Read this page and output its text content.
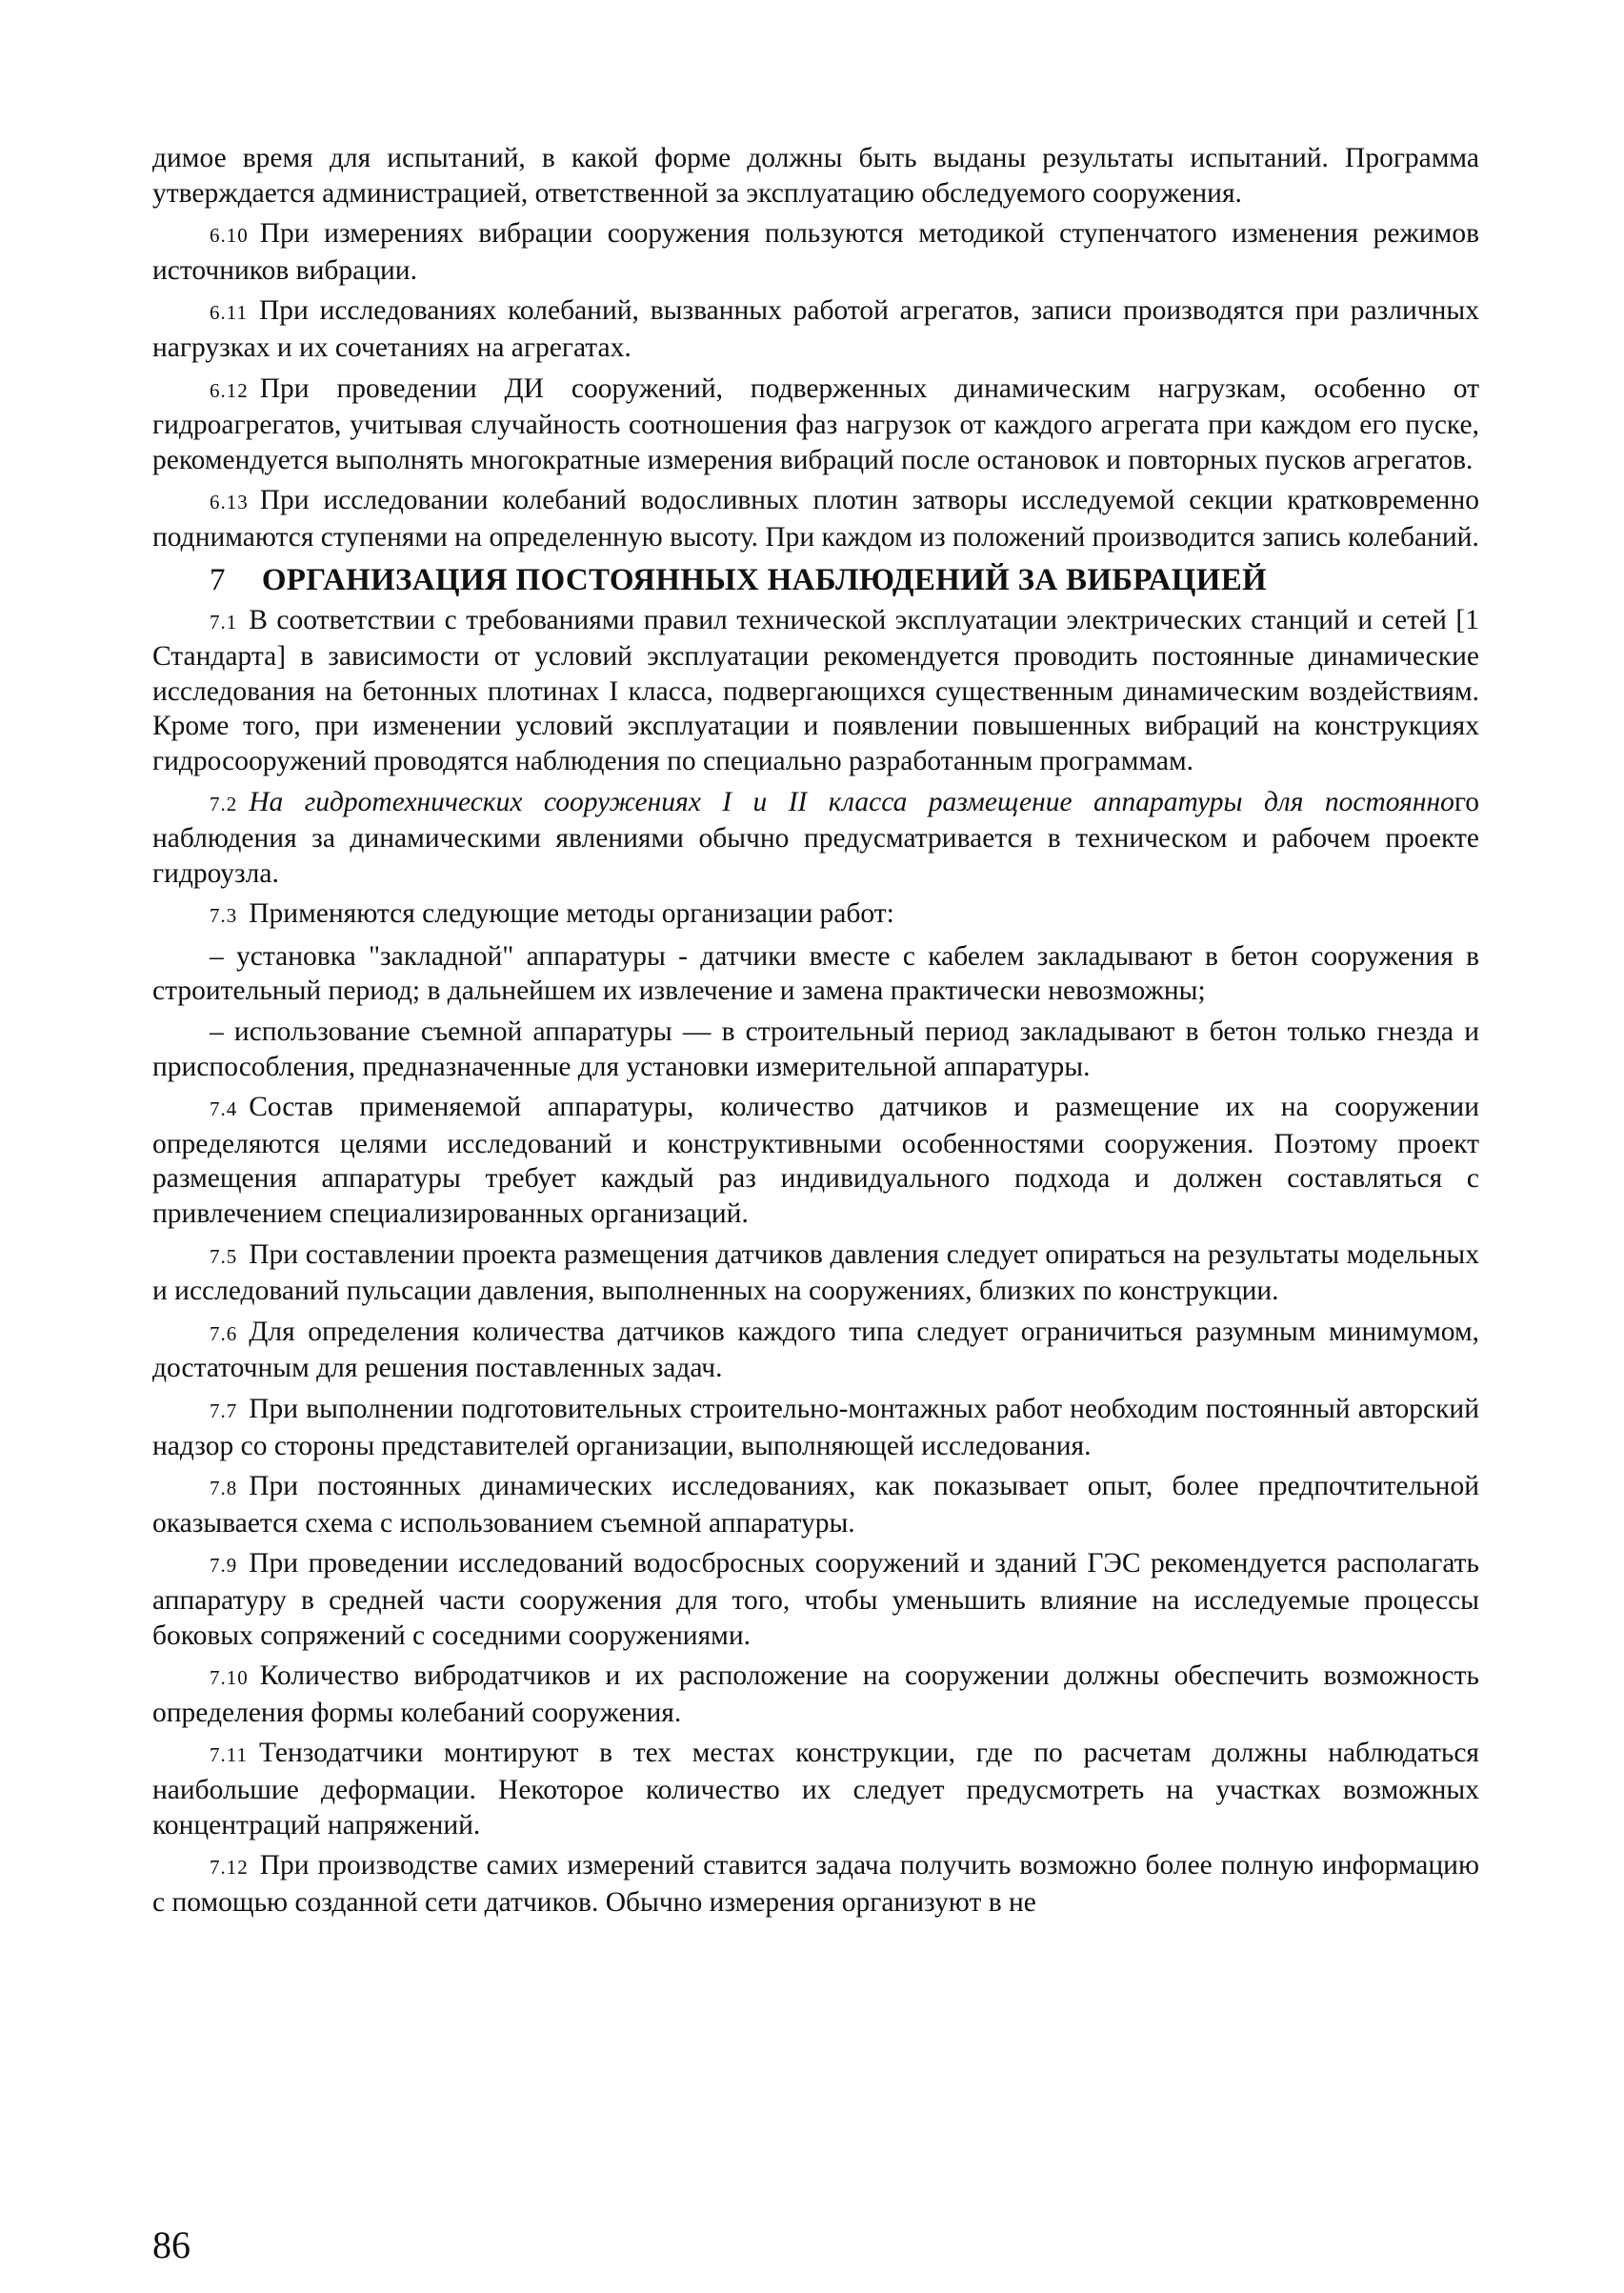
димое время для испытаний, в какой форме должны быть выданы результаты испытаний. Программа утверждается администрацией, ответственной за эксплуатацию обследуемого сооружения.

6.10 При измерениях вибрации сооружения пользуются методикой ступенчатого изменения режимов источников вибрации.

6.11 При исследованиях колебаний, вызванных работой агрегатов, записи производятся при различных нагрузках и их сочетаниях на агрегатах.

6.12 При проведении ДИ сооружений, подверженных динамическим нагрузкам, особенно от гидроагрегатов, учитывая случайность соотношения фаз нагрузок от каждого агрегата при каждом его пуске, рекомендуется выполнять многократные измерения вибраций после остановок и повторных пусков агрегатов.

6.13 При исследовании колебаний водосливных плотин затворы исследуемой секции кратковременно поднимаются ступенями на определенную высоту. При каждом из положений производится запись колебаний.

7 ОРГАНИЗАЦИЯ ПОСТОЯННЫХ НАБЛЮДЕНИЙ ЗА ВИБРАЦИЕЙ

7.1 В соответствии с требованиями правил технической эксплуатации электрических станций и сетей [1 Стандарта] в зависимости от условий эксплуатации рекомендуется проводить постоянные динамические исследования на бетонных плотинах I класса, подвергающихся существенным динамическим воздействиям. Кроме того, при изменении условий эксплуатации и появлении повышенных вибраций на конструкциях гидросооружений проводятся наблюдения по специально разработанным программам.

7.2 На гидротехнических сооружениях I и II класса размещение аппаратуры для постоянного наблюдения за динамическими явлениями обычно предусматривается в техническом и рабочем проекте гидроузла.

7.3 Применяются следующие методы организации работ:

– установка "закладной" аппаратуры - датчики вместе с кабелем закладывают в бетон сооружения в строительный период; в дальнейшем их извлечение и замена практически невозможны;

– использование съемной аппаратуры — в строительный период закладывают в бетон только гнезда и приспособления, предназначенные для установки измерительной аппаратуры.

7.4 Состав применяемой аппаратуры, количество датчиков и размещение их на сооружении определяются целями исследований и конструктивными особенностями сооружения. Поэтому проект размещения аппаратуры требует каждый раз индивидуального подхода и должен составляться с привлечением специализированных организаций.

7.5 При составлении проекта размещения датчиков давления следует опираться на результаты модельных и исследований пульсации давления, выполненных на сооружениях, близких по конструкции.

7.6 Для определения количества датчиков каждого типа следует ограничиться разумным минимумом, достаточным для решения поставленных задач.

7.7 При выполнении подготовительных строительно-монтажных работ необходим постоянный авторский надзор со стороны представителей организации, выполняющей исследования.

7.8 При постоянных динамических исследованиях, как показывает опыт, более предпочтительной оказывается схема с использованием съемной аппаратуры.

7.9 При проведении исследований водосбросных сооружений и зданий ГЭС рекомендуется располагать аппаратуру в средней части сооружения для того, чтобы уменьшить влияние на исследуемые процессы боковых сопряжений с соседними сооружениями.

7.10 Количество вибродатчиков и их расположение на сооружении должны обеспечить возможность определения формы колебаний сооружения.

7.11 Тензодатчики монтируют в тех местах конструкции, где по расчетам должны наблюдаться наибольшие деформации. Некоторое количество их следует предусмотреть на участках возможных концентраций напряжений.

7.12 При производстве самих измерений ставится задача получить возможно более полную информацию с помощью созданной сети датчиков. Обычно измерения организуют в не

86
